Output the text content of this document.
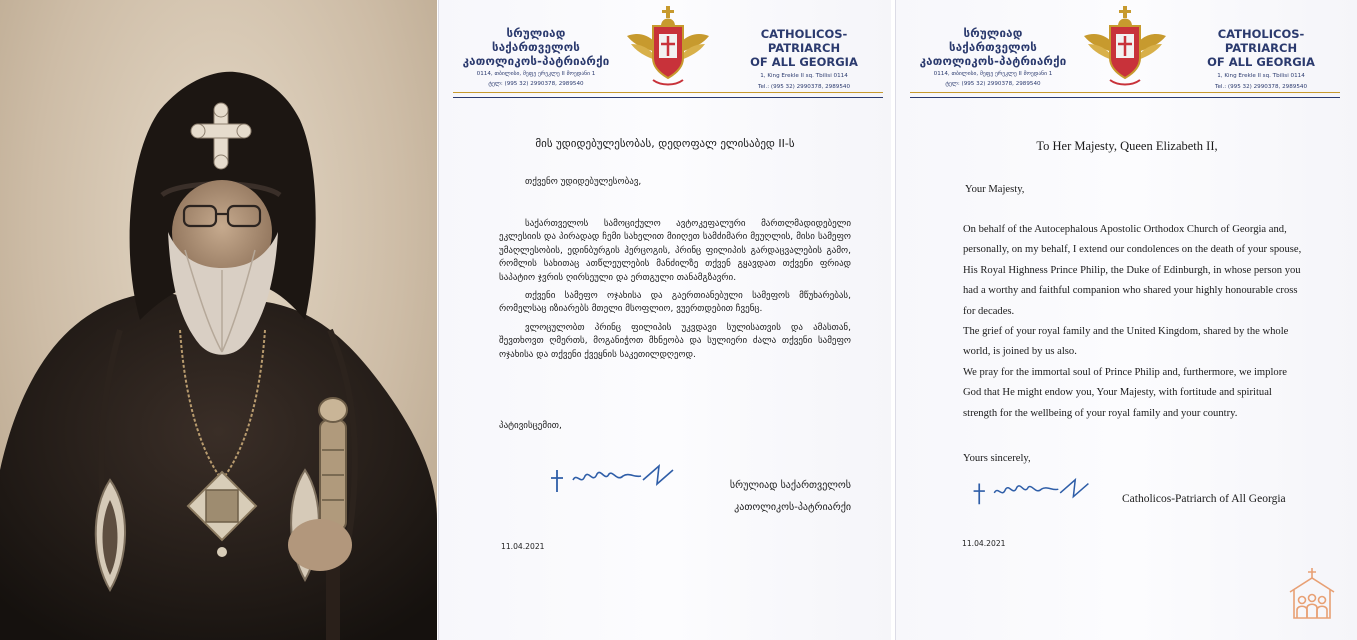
სრულიად საქართველოს
კათოლიკოს-პატრიარქი
0114, თბილისი, მეფე ერეკლე II მოედანი 1
ტელ: (995 32) 2990378, 2989540
CATHOLICOS-PATRIARCH
OF ALL GEORGIA
1, King Erekle II sq. Tbilisi 0114
Tel.: (995 32) 2990378, 2989540
მის უდიდებულესობას, დედოფალ ელისაბედ II-ს
თქვენო უდიდებულესობავ,
საქართველოს სამოციქულო ავტოკეფალური მართლმადიდებელი ეკლესიის და პირადად ჩემი სახელით მიიღეთ სამძიმარი მეუღლის, მისი სამეფო უმაღლესობის, ედინბურგის ჰერცოგის, პრინც ფილიპის გარდაცვალების გამო, რომლის სახითაც ათწლეულების მანძილზე თქვენ გყავდათ თქვენი ფრიად საპატიო ჯვრის ღირსეული და ერთგული თანამგზავრი.
თქვენი სამეფო ოჯახისა და გაერთიანებული სამეფოს მწუხარებას, რომელსაც იზიარებს მთელი მსოფლიო, ვუერთდებით ჩვენც.
ვლოცულობთ პრინც ფილიპის უკვდავი სულისათვის და ამასთან, შევთხოვთ ღმერთს, მოგანიჭოთ მხნეობა და სულიერი ძალა თქვენი სამეფო ოჯახისა და თქვენი ქვეყნის საკეთილდღეოდ.
პატივისცემით,
სრულიად საქართველოს
კათოლიკოს-პატრიარქი
11.04.2021
სრულიად საქართველოს
კათოლიკოს-პატრიარქი
0114, თბილისი, მეფე ერეკლე II მოედანი 1
ტელ: (995 32) 2990378, 2989540
CATHOLICOS-PATRIARCH
OF ALL GEORGIA
1, King Erekle II sq. Tbilisi 0114
Tel.: (995 32) 2990378, 2989540
To Her Majesty, Queen Elizabeth II,
Your Majesty,
On behalf of the Autocephalous Apostolic Orthodox Church of Georgia and,
personally, on my behalf, I extend our condolences on the death of your spouse,
His Royal Highness Prince Philip, the Duke of Edinburgh, in whose person you
had a worthy and faithful companion who shared your highly honourable cross
for decades.
The grief of your royal family and the United Kingdom, shared by the whole
world, is joined by us also.
We pray for the immortal soul of Prince Philip and, furthermore, we implore
God that He might endow you, Your Majesty, with fortitude and spiritual
strength for the wellbeing of your royal family and your country.
Yours sincerely,
Catholicos-Patriarch of All Georgia
11.04.2021
